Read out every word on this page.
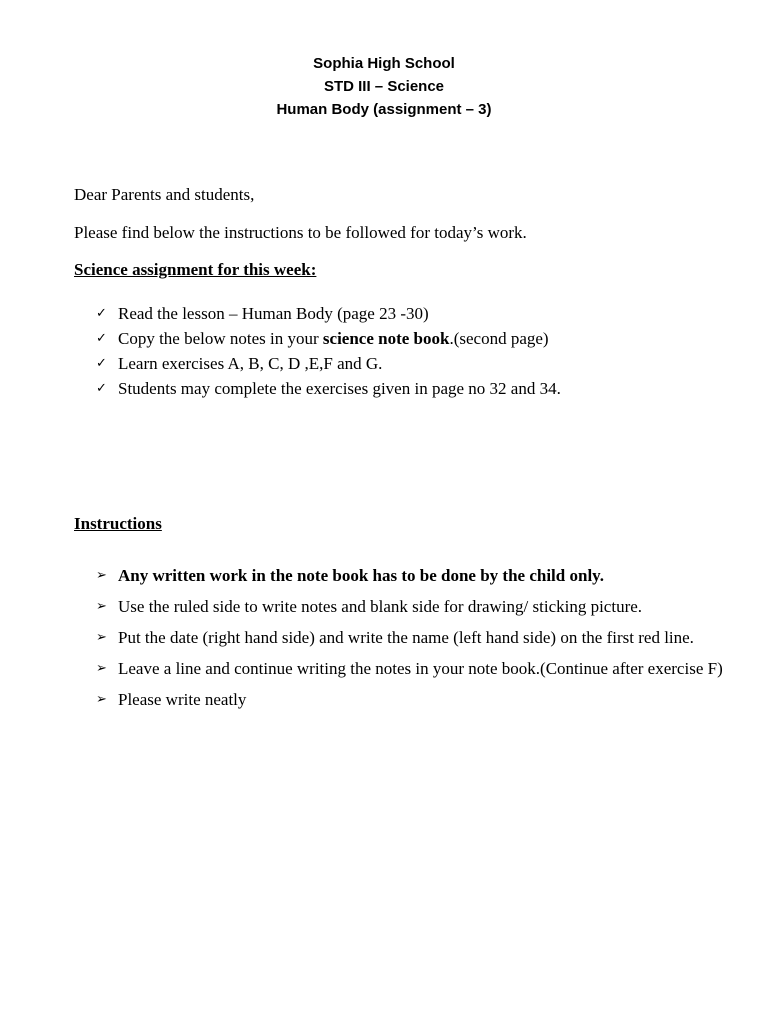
Sophia High School
STD III – Science
Human Body (assignment – 3)
Dear Parents and students,
Please find below the instructions to be followed for today’s work.
Science assignment for this week:
✓ Read the lesson – Human Body (page 23 -30)
✓ Copy the below notes in your science note book.(second page)
✓ Learn exercises A, B, C, D ,E,F and G.
✓ Students may complete the exercises given in page no 32 and 34.
Instructions
➢ Any written work in the note book has to be done by the child only.
➢ Use the ruled side to write notes and blank side for drawing/ sticking picture.
➢ Put the date (right hand side) and write the name (left hand side) on the first red line.
➢ Leave a line and continue writing the notes in your note book.(Continue after exercise F)
➢ Please write neatly
